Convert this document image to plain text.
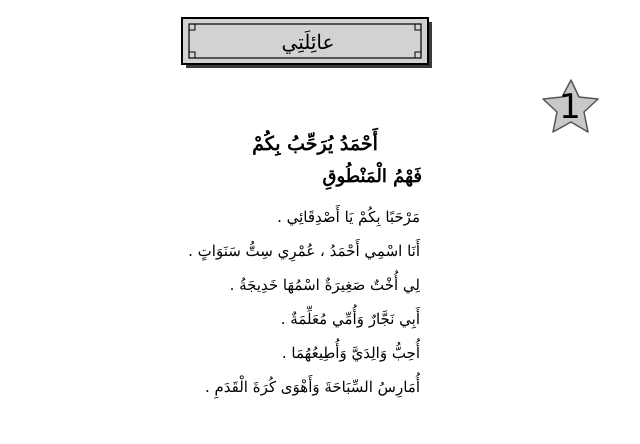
عائِلَتِي
1
أَحْمَدُ يُرَحِّبُ بِكُمْ
فَهْمُ الْمَنْطُوقِ
مَرْحَبًا بِكُمْ يَا أَصْدِقَائِي .
أَنَا اسْمِي أَحْمَدُ ، عُمْرِي سِتُّ سَنَوَاتٍ .
لِي أُخْتٌ صَغِيرَةٌ اسْمُهَا خَدِيجَةُ .
أَبِي نَجَّارٌ وَأُمِّي مُعَلِّمَةٌ .
أُحِبُّ وَالِدَيَّ وَأُطِيعُهُمَا .
أُمَارِسُ السِّبَاحَةَ وَأَهْوَى كُرَةَ الْقَدَمِ .
